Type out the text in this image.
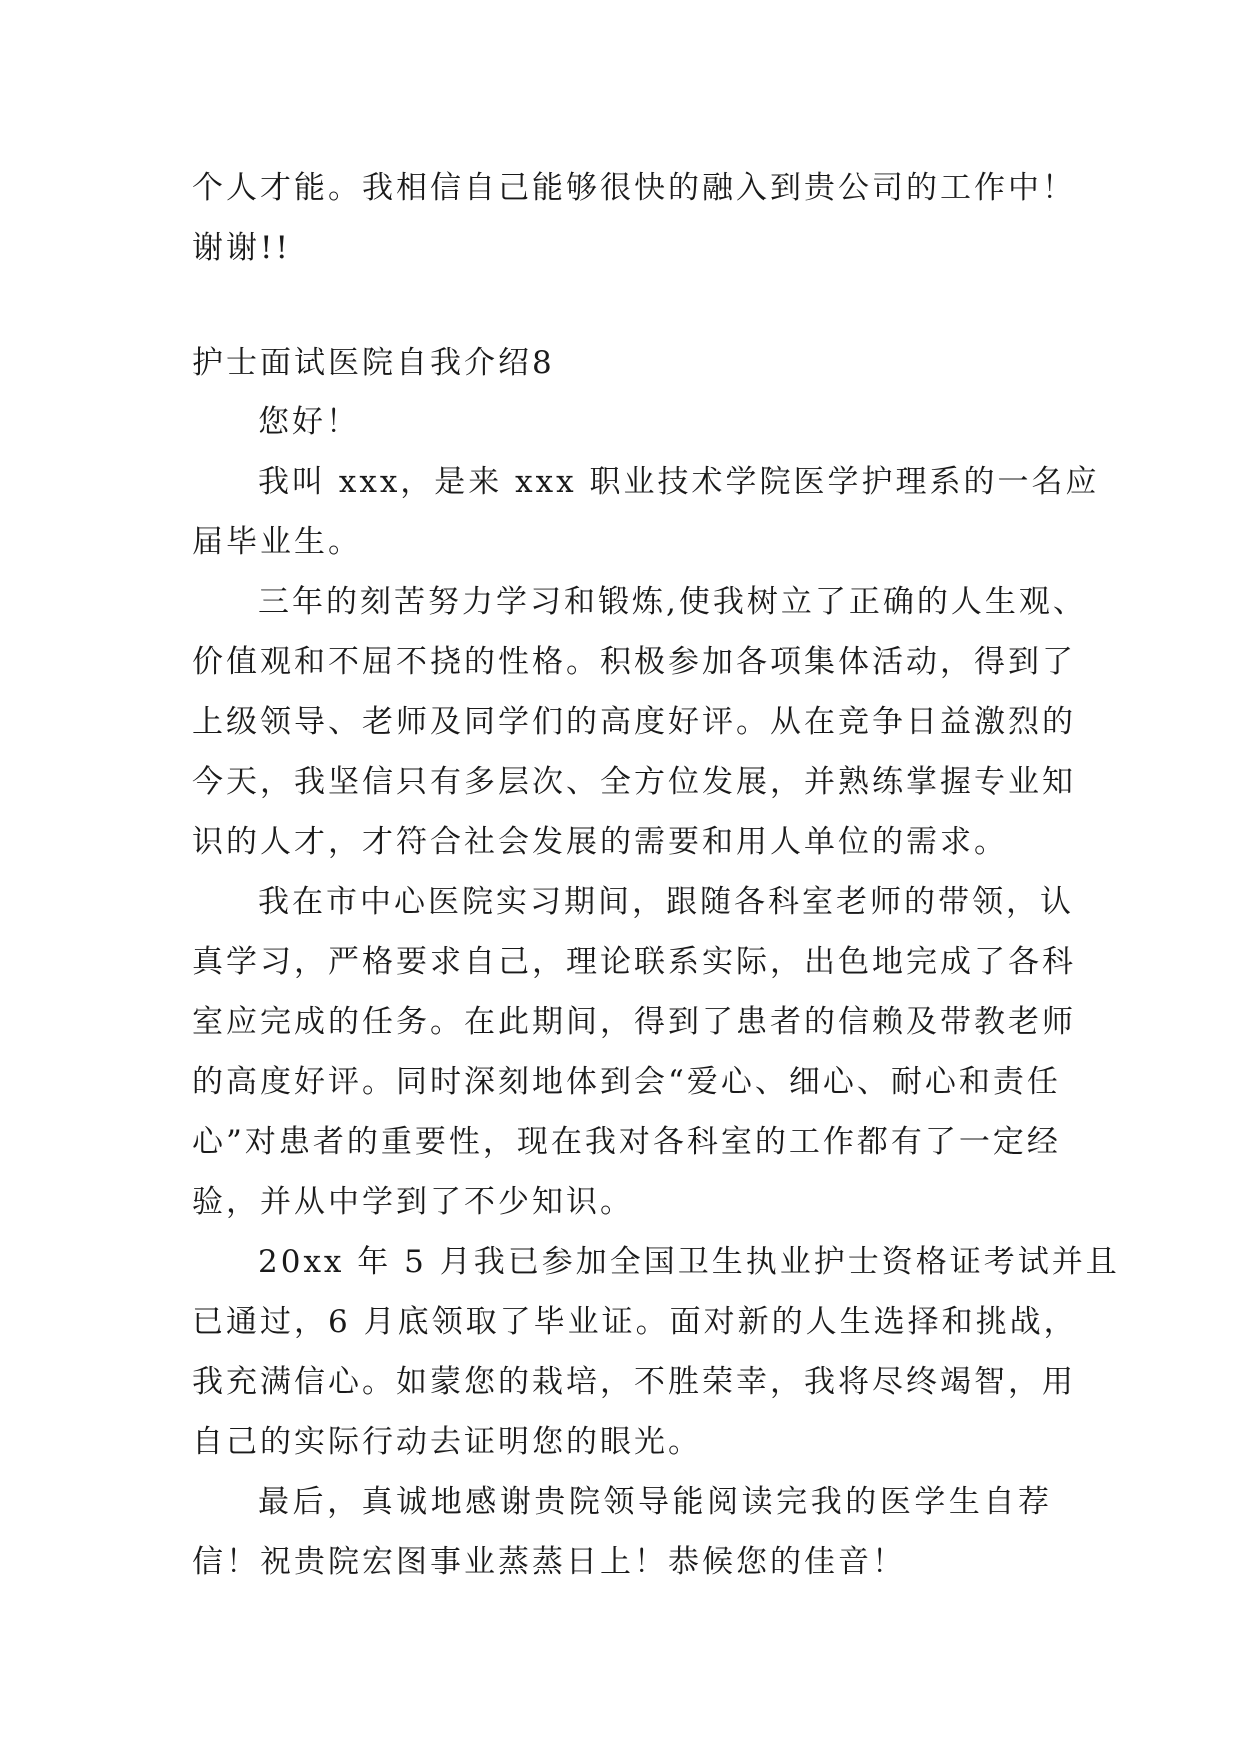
个人才能。我相信自己能够很快的融入到贵公司的工作中！
谢谢!!
护士面试医院自我介绍8
您好！
我叫 xxx，是来 xxx 职业技术学院医学护理系的一名应
届毕业生。
三年的刻苦努力学习和锻炼,使我树立了正确的人生观、
价值观和不屈不挠的性格。积极参加各项集体活动，得到了
上级领导、老师及同学们的高度好评。从在竞争日益激烈的
今天，我坚信只有多层次、全方位发展，并熟练掌握专业知
识的人才，才符合社会发展的需要和用人单位的需求。
我在市中心医院实习期间，跟随各科室老师的带领，认
真学习，严格要求自己，理论联系实际，出色地完成了各科
室应完成的任务。在此期间，得到了患者的信赖及带教老师
的高度好评。同时深刻地体到会“爱心、细心、耐心和责任
心”对患者的重要性，现在我对各科室的工作都有了一定经
验，并从中学到了不少知识。
20xx 年 5 月我已参加全国卫生执业护士资格证考试并且
已通过，6 月底领取了毕业证。面对新的人生选择和挑战，
我充满信心。如蒙您的栽培，不胜荣幸，我将尽终竭智，用
自己的实际行动去证明您的眼光。
最后，真诚地感谢贵院领导能阅读完我的医学生自荐
信！祝贵院宏图事业蒸蒸日上！恭候您的佳音！
